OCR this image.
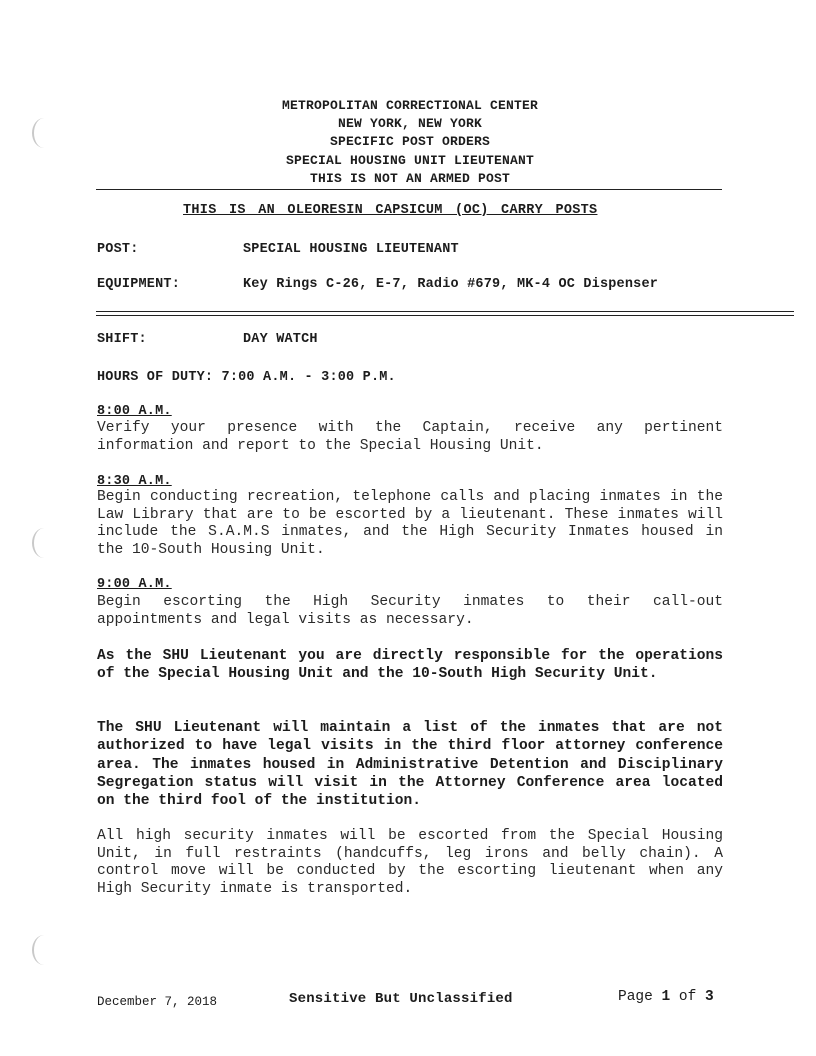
METROPOLITAN CORRECTIONAL CENTER
NEW YORK, NEW YORK
SPECIFIC POST ORDERS
SPECIAL HOUSING UNIT LIEUTENANT
THIS IS NOT AN ARMED POST
THIS IS AN OLEORESIN CAPSICUM (OC) CARRY POSTS
POST:	SPECIAL HOUSING LIEUTENANT
EQUIPMENT:	Key Rings C-26, E-7, Radio #679, MK-4 OC Dispenser
SHIFT:	DAY WATCH
HOURS OF DUTY: 7:00 A.M. - 3:00 P.M.
8:00 A.M.
Verify your presence with the Captain, receive any pertinent information and report to the Special Housing Unit.
8:30 A.M.
Begin conducting recreation, telephone calls and placing inmates in the Law Library that are to be escorted by a lieutenant. These inmates will include the S.A.M.S inmates, and the High Security Inmates housed in the 10-South Housing Unit.
9:00 A.M.
Begin escorting the High Security inmates to their call-out appointments and legal visits as necessary.
As the SHU Lieutenant you are directly responsible for the operations of the Special Housing Unit and the 10-South High Security Unit.
The SHU Lieutenant will maintain a list of the inmates that are not authorized to have legal visits in the third floor attorney conference area. The inmates housed in Administrative Detention and Disciplinary Segregation status will visit in the Attorney Conference area located on the third fool of the institution.
All high security inmates will be escorted from the Special Housing Unit, in full restraints (handcuffs, leg irons and belly chain). A control move will be conducted by the escorting lieutenant when any High Security inmate is transported.
December 7, 2018	Sensitive But Unclassified	Page 1 of 3
